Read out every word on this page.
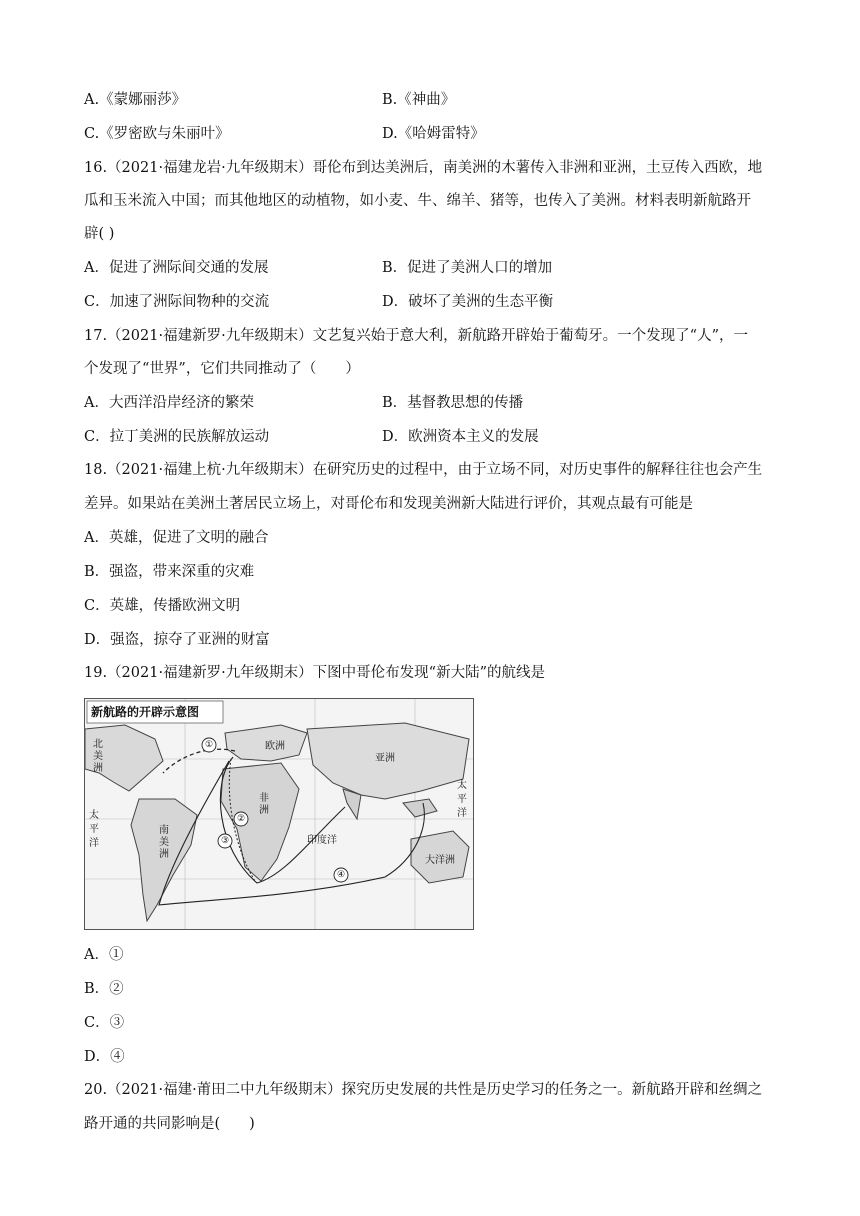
A.《蒙娜丽莎》	B.《神曲》
C.《罗密欧与朱丽叶》	D.《哈姆雷特》
16.（2021·福建龙岩·九年级期末）哥伦布到达美洲后，南美洲的木薯传入非洲和亚洲，土豆传入西欧，地
瓜和玉米流入中国；而其他地区的动植物，如小麦、牛、绵羊、猪等，也传入了美洲。材料表明新航路开
辟( )
A．促进了洲际间交通的发展	B．促进了美洲人口的增加
C．加速了洲际间物种的交流	D．破坏了美洲的生态平衡
17.（2021·福建新罗·九年级期末）文艺复兴始于意大利，新航路开辟始于葡萄牙。一个发现了“人”，一
个发现了“世界”，它们共同推动了（　　）
A．大西洋沿岸经济的繁荣	B．基督教思想的传播
C．拉丁美洲的民族解放运动	D．欧洲资本主义的发展
18.（2021·福建上杭·九年级期末）在研究历史的过程中，由于立场不同，对历史事件的解释往往也会产生
差异。如果站在美洲土著居民立场上，对哥伦布和发现美洲新大陆进行评价，其观点最有可能是
A．英雄，促进了文明的融合
B．强盗，带来深重的灾难
C．英雄，传播欧洲文明
D．强盗，掠夺了亚洲的财富
19.（2021·福建新罗·九年级期末）下图中哥伦布发现“新大陆”的航线是
新航路的开辟示意图
北美洲
南美洲
非洲
欧洲
亚洲
大洋洲
太平洋
太平洋
印度洋
①
②
③
④
A．①
B．②
C．③
D．④
20.（2021·福建·莆田二中九年级期末）探究历史发展的共性是历史学习的任务之一。新航路开辟和丝绸之
路开通的共同影响是(　　)
